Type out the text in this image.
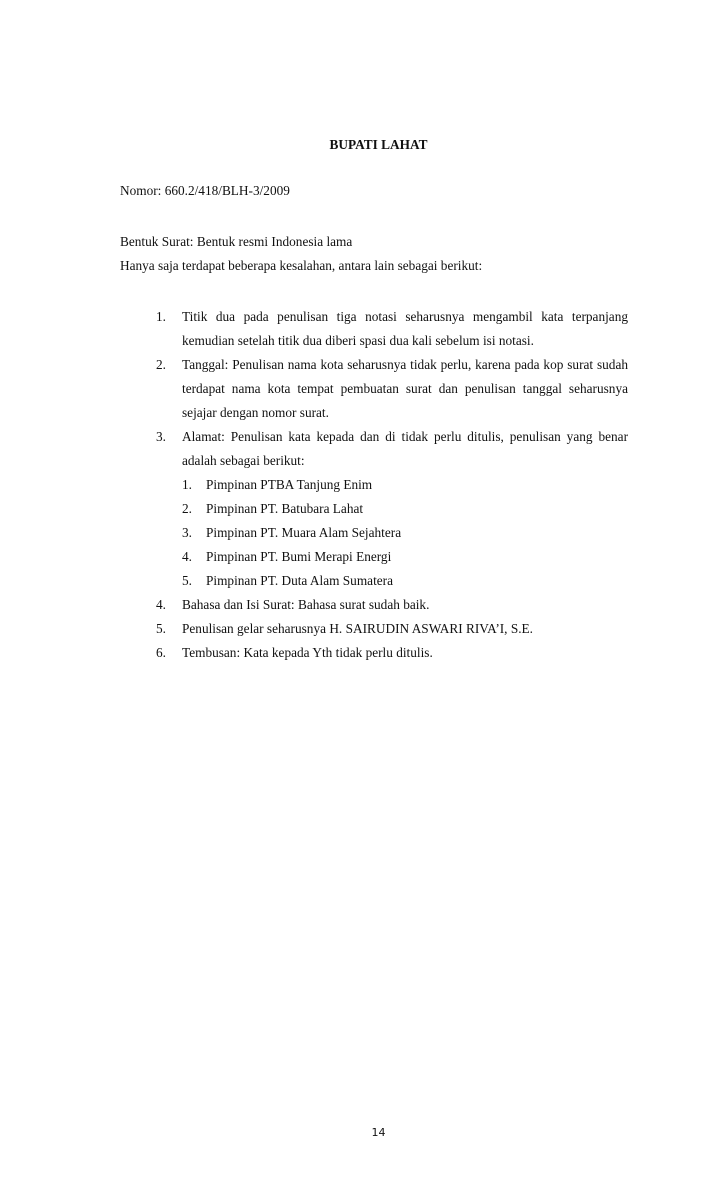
BUPATI LAHAT
Nomor: 660.2/418/BLH-3/2009
Bentuk Surat: Bentuk resmi Indonesia lama
Hanya saja terdapat beberapa kesalahan, antara lain sebagai berikut:
1. Titik dua pada penulisan tiga notasi seharusnya mengambil kata terpanjang kemudian setelah titik dua diberi spasi dua kali sebelum isi notasi.
2. Tanggal: Penulisan nama kota seharusnya tidak perlu, karena pada kop surat sudah terdapat nama kota tempat pembuatan surat dan penulisan tanggal seharusnya sejajar dengan nomor surat.
3. Alamat: Penulisan kata kepada dan di tidak perlu ditulis, penulisan yang benar adalah sebagai berikut:
1. Pimpinan PTBA Tanjung Enim
2. Pimpinan PT. Batubara Lahat
3. Pimpinan PT. Muara Alam Sejahtera
4. Pimpinan PT. Bumi Merapi Energi
5. Pimpinan PT. Duta Alam Sumatera
4. Bahasa dan Isi Surat: Bahasa surat sudah baik.
5. Penulisan gelar seharusnya H. SAIRUDIN ASWARI RIVA’I, S.E.
6. Tembusan: Kata kepada Yth tidak perlu ditulis.
14
